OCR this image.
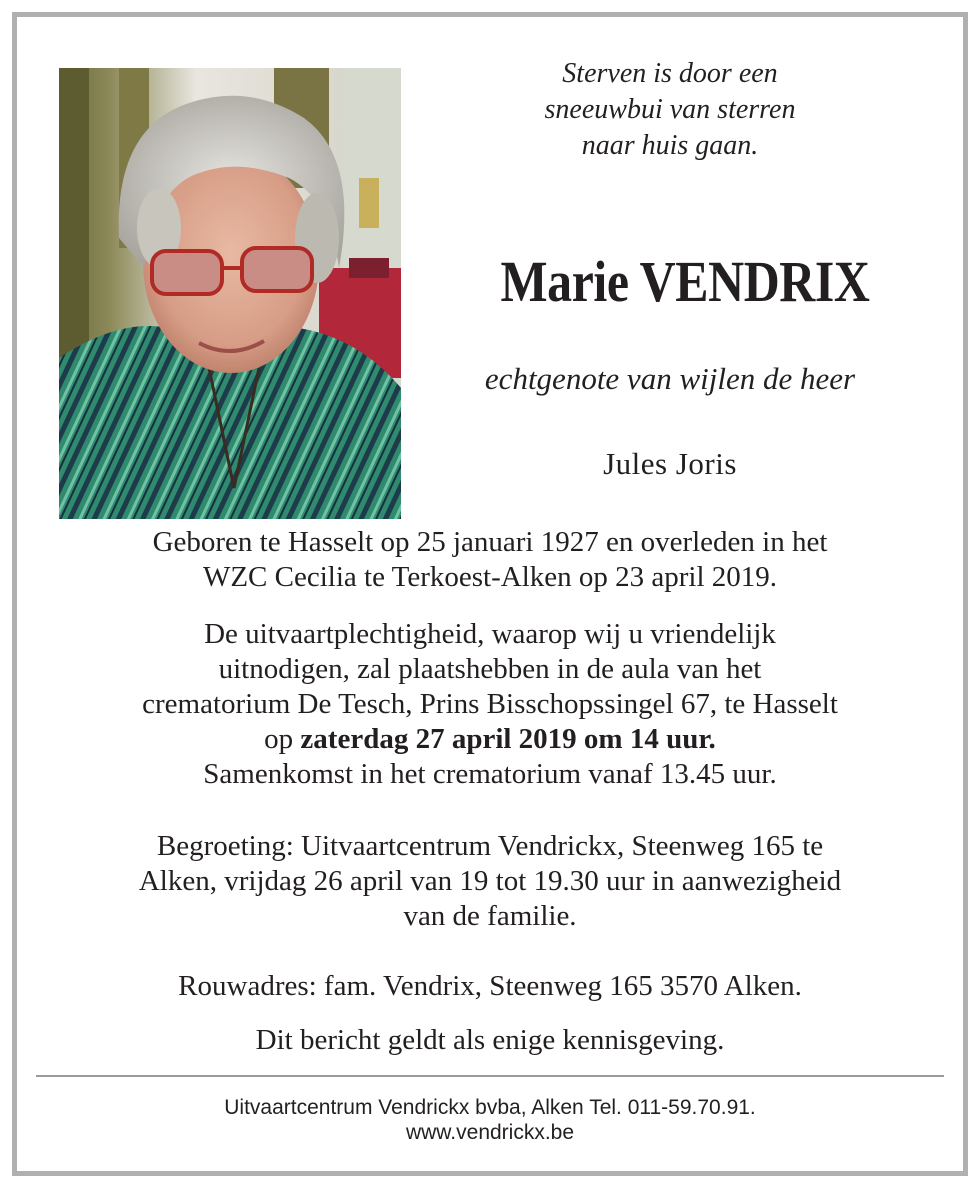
Sterven is door een
sneeuwbui van sterren
naar huis gaan.
Marie VENDRIX
echtgenote van wijlen de heer
Jules Joris
Geboren te Hasselt op 25 januari 1927 en overleden in het
WZC Cecilia te Terkoest-Alken op 23 april 2019.
De uitvaartplechtigheid, waarop wij u vriendelijk
uitnodigen, zal plaatshebben in de aula van het
crematorium De Tesch, Prins Bisschopssingel 67, te Hasselt
op zaterdag 27 april 2019 om 14 uur.
Samenkomst in het crematorium vanaf 13.45 uur.
Begroeting: Uitvaartcentrum Vendrickx, Steenweg 165 te
Alken, vrijdag 26 april van 19 tot 19.30 uur in aanwezigheid
van de familie.
Rouwadres: fam. Vendrix, Steenweg 165 3570 Alken.
Dit bericht geldt als enige kennisgeving.
Uitvaartcentrum Vendrickx bvba, Alken Tel. 011-59.70.91.
www.vendrickx.be
